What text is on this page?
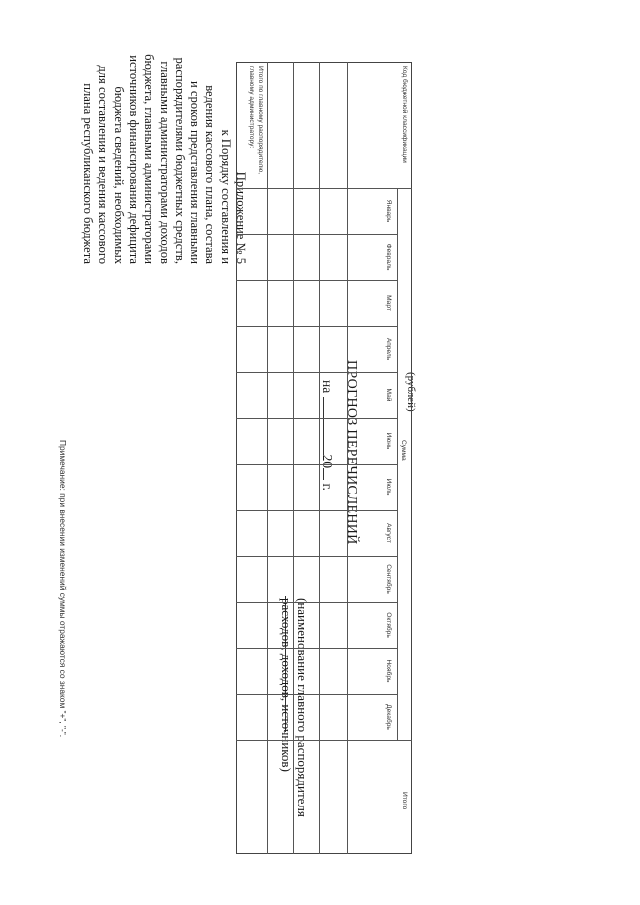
Приложение № 5
к Порядку составления и
ведения кассового плана, состава
и сроков представления главными
распорядителями бюджетных средств,
главными администраторами доходов
бюджета, главными администраторами
источников финансирования дефицита
бюджета сведений, необходимых
для составления и ведения кассового
плана республиканского бюджета
(наименование главного распорядителя
расходов, доходов, источников)
ПРОГНОЗ ПЕРЕЧИСЛЕНИЙ
на 20 г.
(рублей)
Код бюджетной классификации
Сумма
Итого
Январь
Февраль
Март
Апрель
Май
Июнь
Июль
Август
Сентябрь
Октябрь
Ноябрь
Декабрь
Итого по главному распорядителю,
главному администратору:
Примечание: при внесении изменений суммы отражаются со знаком "+", "-".
